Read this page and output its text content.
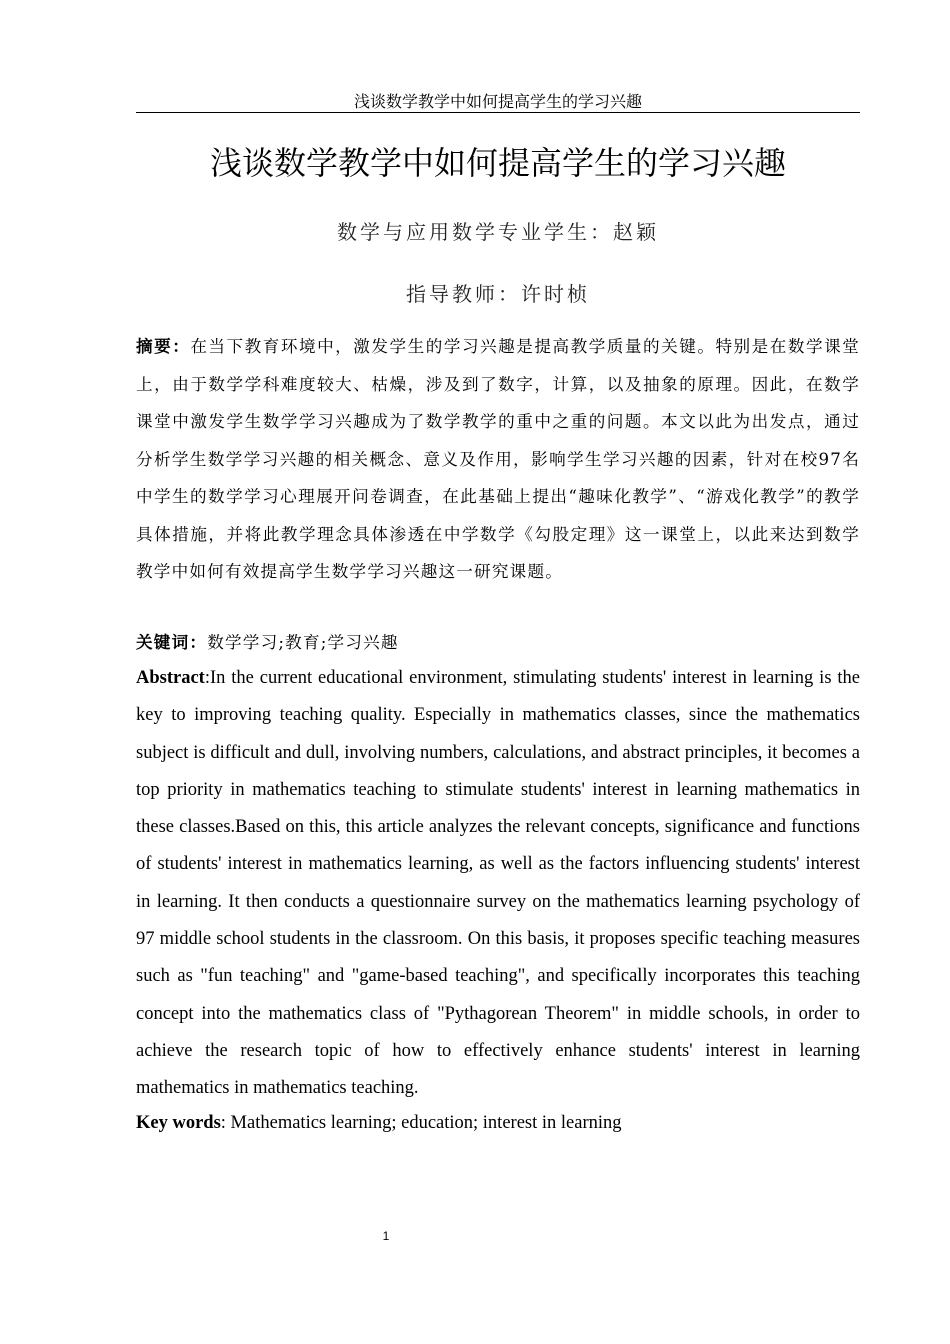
浅谈数学教学中如何提高学生的学习兴趣
浅谈数学教学中如何提高学生的学习兴趣
数学与应用数学专业学生：赵颖
指导教师：许时桢
摘要：在当下教育环境中，激发学生的学习兴趣是提高教学质量的关键。特别是在数学课堂上，由于数学学科难度较大、枯燥，涉及到了数字，计算，以及抽象的原理。因此，在数学课堂中激发学生数学学习兴趣成为了数学教学的重中之重的问题。本文以此为出发点，通过分析学生数学学习兴趣的相关概念、意义及作用，影响学生学习兴趣的因素，针对在校97名中学生的数学学习心理展开问卷调查，在此基础上提出“趣味化教学”、“游戏化教学”的教学具体措施，并将此教学理念具体渗透在中学数学《勾股定理》这一课堂上，以此来达到数学教学中如何有效提高学生数学学习兴趣这一研究课题。
关键词：数学学习;教育;学习兴趣
Abstract:In the current educational environment, stimulating students' interest in learning is the key to improving teaching quality. Especially in mathematics classes, since the mathematics subject is difficult and dull, involving numbers, calculations, and abstract principles, it becomes a top priority in mathematics teaching to stimulate students' interest in learning mathematics in these classes.Based on this, this article analyzes the relevant concepts, significance and functions of students' interest in mathematics learning, as well as the factors influencing students' interest in learning. It then conducts a questionnaire survey on the mathematics learning psychology of 97 middle school students in the classroom. On this basis, it proposes specific teaching measures such as "fun teaching" and "game-based teaching", and specifically incorporates this teaching concept into the mathematics class of "Pythagorean Theorem" in middle schools, in order to achieve the research topic of how to effectively enhance students' interest in learning mathematics in mathematics teaching.
Key words: Mathematics learning; education; interest in learning
1
